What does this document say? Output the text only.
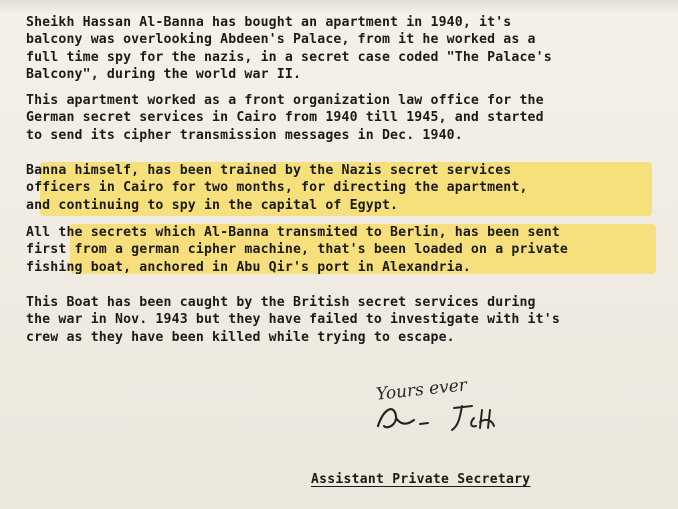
Sheikh Hassan Al-Banna has bought an apartment in 1940, it's
balcony was overlooking Abdeen's Palace, from it he worked as a
full time spy for the nazis, in a secret case coded "The Palace's
Balcony", during the world war II.

This apartment worked as a front organization law office for the
German secret services in Cairo from 1940 till 1945, and started
to send its cipher transmission messages in Dec. 1940.

Banna himself, has been trained by the Nazis secret services
officers in Cairo for two months, for directing the apartment,
and continuing to spy in the capital of Egypt.

All the secrets which Al-Banna transmited to Berlin, has been sent
first from a german cipher machine, that's been loaded on a private
fishing boat, anchored in Abu Qir's port in Alexandria.

This Boat has been caught by the British secret services during
the war in Nov. 1943 but they have failed to investigate with it's
crew as they have been killed while trying to escape.

Yours ever
Assistant Private Secretary
